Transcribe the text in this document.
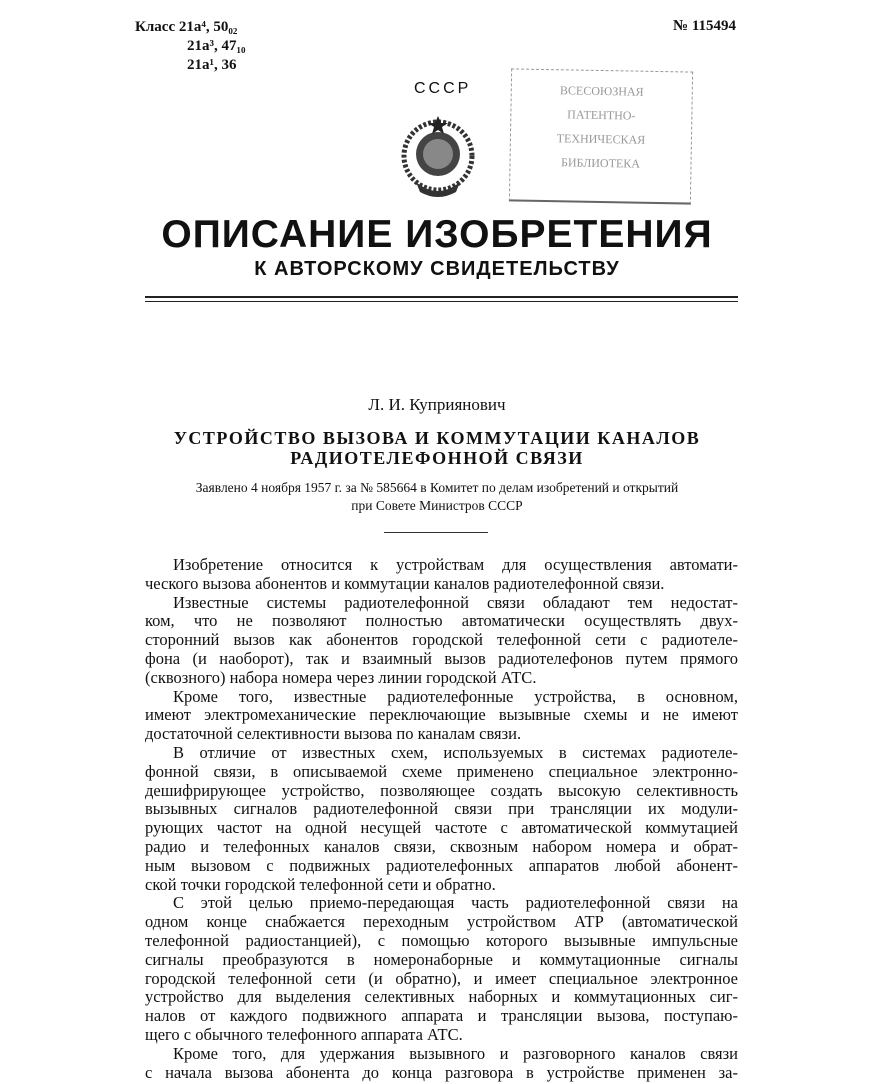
Класс 21a⁴, 50₀₂
21a³, 47₁₀
21a¹, 36
№ 115494
СССР	ВСЕСОЮЗНАЯ
ПАТЕНТНО-
ТЕХНИЧЕСКАЯ
БИБЛИОТЕКА
ОПИСАНИЕ ИЗОБРЕТЕНИЯ
К АВТОРСКОМУ СВИДЕТЕЛЬСТВУ
Л. И. Куприянович
УСТРОЙСТВО ВЫЗОВА И КОММУТАЦИИ КАНАЛОВ
РАДИОТЕЛЕФОННОЙ СВЯЗИ
Заявлено 4 ноября 1957 г. за № 585664 в Комитет по делам изобретений и открытий
при Совете Министров СССР
Изобретение относится к устройствам для осуществления автомати-
ческого вызова абонентов и коммутации каналов радиотелефонной связи.
Известные системы радиотелефонной связи обладают тем недостат-
ком, что не позволяют полностью автоматически осуществлять двух-
сторонний вызов как абонентов городской телефонной сети с радиотеле-
фона (и наоборот), так и взаимный вызов радиотелефонов путем прямого
(сквозного) набора номера через линии городской АТС.
Кроме того, известные радиотелефонные устройства, в основном,
имеют электромеханические переключающие вызывные схемы и не имеют
достаточной селективности вызова по каналам связи.
В отличие от известных схем, используемых в системах радиотеле-
фонной связи, в описываемой схеме применено специальное электронно-
дешифрирующее устройство, позволяющее создать высокую селективность
вызывных сигналов радиотелефонной связи при трансляции их модули-
рующих частот на одной несущей частоте с автоматической коммутацией
радио и телефонных каналов связи, сквозным набором номера и обрат-
ным вызовом с подвижных радиотелефонных аппаратов любой абонент-
ской точки городской телефонной сети и обратно.
С этой целью приемо-передающая часть радиотелефонной связи на
одном конце снабжается переходным устройством АТР (автоматической
телефонной радиостанцией), с помощью которого вызывные импульсные
сигналы преобразуются в номеронаборные и коммутационные сигналы
городской телефонной сети (и обратно), и имеет специальное электронное
устройство для выделения селективных наборных и коммутационных сиг-
налов от каждого подвижного аппарата и трансляции вызова, поступаю-
щего с обычного телефонного аппарата АТС.
Кроме того, для удержания вызывного и разговорного каналов связи
с начала вызова абонента до конца разговора в устройстве применен за-
